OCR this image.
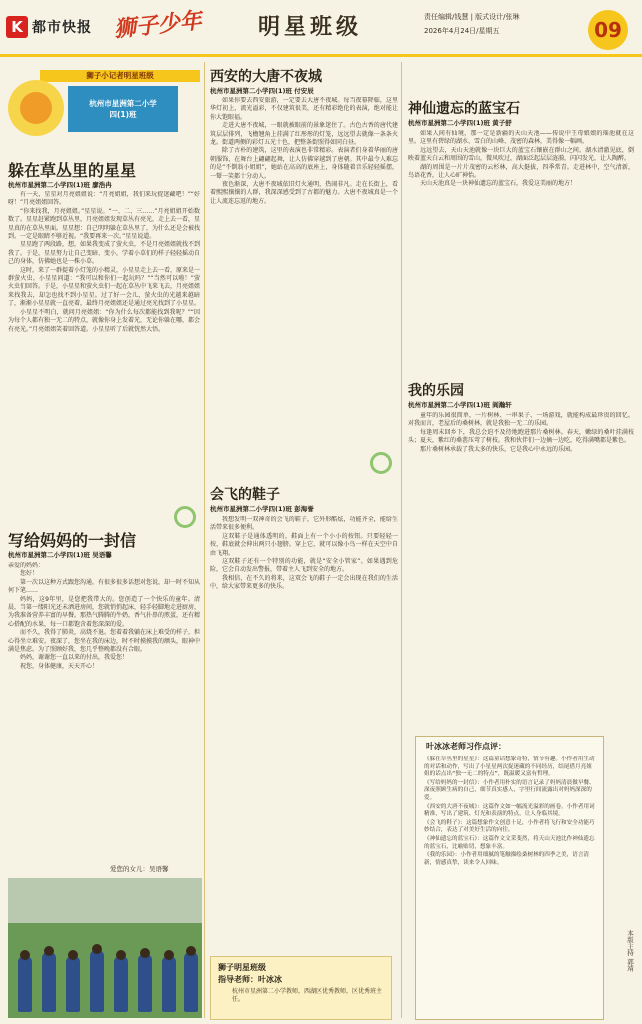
K 都市快报 狮子少年	明星班级	责任编辑/钱慧 | 版式设计/张琳
2026年4月24日/星期五	09
狮子小记者明星班级
杭州市星洲第二小学
四(1)班
躲在草丛里的星星
杭州市星洲第二小学四(1)班 廖浩冉

有一天，星星对月亮姐姐说：“月亮姐姐，我们来玩捉迷藏吧！”“好呀！”月亮姐姐回答。

“你来找我，月亮姐姐。”星星说。“一、二、三……”月亮姐姐开始数数了。星星赶紧跑到草丛里，月亮姐姐发现草丛有亮光，走上去一看，星星真的在草丛里面。星星想：自己明明躲在草丛里了，为什么还是会被找到。一定是眼睛不够近视。“我要再来一次。”星星说道。

星星跑了两段路，想，如果我变成了萤火虫，不是月亮姐姐就找不到我了。于是，星星努力让自己变暗、变小，学着小草们的样子轻轻摇动自己的身体，仿佛她也是一株小草。

这时，来了一群提着小灯笼的小精灵，小星星走上去一看，原来是一群萤火虫。小星星问道：“我可以和你们一起玩吗？”“当然可以啦！”萤火虫们回答。于是，小星星和萤火虫们一起在草丛中飞来飞去，月亮姐姐来找我去，却怎也找不到小星星。过了好一会儿，萤火虫的光越来越暗了，渐渐小星星就一直亮着，最终月亮姐姐还是通过亮光找到了小星星。

小星星不明白，就问月亮姐姐：“你为什么每次都能找到我呢？”“因为每个人都有独一无二的特点，就像你身上发着光，无论你躲在哪，都会有亮光。”月亮姐姐笑着回答道。小星星听了后就恍然大悟。

写给妈妈的一封信
杭州市星洲第二小学四(1)班 吴语馨

亲爱的妈妈：

您好！

第一次以这种方式跟您沟通，有很多很多话想对您说，却一时不知从何下笔……

妈妈，这9年里，是您把我带大的。您创造了一个快乐的童年。清晨，当第一缕阳光还未洒进房间，您就悄悄起床，轻手轻脚地走进厨房，为我准备营养丰富的早餐。那热气腾腾的牛奶，香气扑鼻的煎蛋，还有精心搭配的水果，每一口都饱含着您深深的爱。

而不久，我得了肺炎，高烧不退。您着着我躺在床上难受的样子，担心得坐立难安。夜深了，您坐在我的床边，时不时摸摸我的额头，眼神中满是焦虑。为了照顾好我，您几乎整晚都没有合眼。

妈妈，谢谢您一直以来的付出，我爱您！

祝您，身体健康，天天开心！

爱您的女儿：吴语馨
西安的大唐不夜城
杭州市星洲第二小学四(1)班 付安辰

如果你要去西安旅游，一定要去大唐不夜城。每当夜幕降临，这里华灯初上，流光溢彩，不仅建筑很美，还有精彩绝伦的表演，绝对能让你大饱眼福。

走进大唐不夜城，一眼就被眼前的景象迷住了。古色古香的唐代建筑层层排列，飞檐翘角上挂满了红彤彤的灯笼，远远望去就像一条条火龙。街道两侧的彩灯五光十色，把整条街照得如同白昼。

除了古朴的建筑，这里的表演也非常精彩。表演者们身着华丽的唐朝服饰，在舞台上翩翩起舞，让人仿佛穿越到了唐朝。其中最令人难忘的是“不倒翁小姐姐”，她站在高高的底座上，身体随着音乐轻轻摇摆，一颦一笑都十分动人。

夜色渐深，大唐不夜城依旧灯火通明，热闹非凡。走在长街上，看着熙熙攘攘的人群，我深深感受到了古都的魅力。大唐不夜城真是一个让人流连忘返的地方。

会飞的鞋子
杭州市星洲第二小学四(1)班 彭海誉

我想发明一双神奇的会飞的鞋子，它外形酷炫，功能齐全，能给生活带来很多便利。

这双鞋子是通体透明的，鞋面上有一个小小的按钮。只要轻轻一按，鞋底就会伸出两只小翅膀。穿上它，就可以像小鸟一样在天空中自由飞翔。

这双鞋子还有一个特别的功能，就是“安全小管家”。如果遇到危险，它会自动发出警报，带着主人飞到安全的地方。

我相信，在不久的将来，这双会飞的鞋子一定会出现在我们的生活中，给大家带来更多的快乐。

狮子明星班级
指导老师：叶冰冰
杭州市星洲第二小学教师，西湖区优秀教师，区优秀班主任。
神仙遗忘的蓝宝石
杭州市星洲第二小学四(1)班 黄子舒

如果人间有仙境，那一定是新疆的天山天池——传说中王母娘娘的瑶池就在这里。这里有碧绿的湖水、雪白的山峰、茂密的森林，美得像一幅画。

远远望去，天山天池就像一块巨大的蓝宝石镶嵌在群山之间。湖水清澈见底，倒映着蓝天白云和周围的雪山，微风吹过，湖面泛起层层涟漪，闪闪发光，让人陶醉。

湖的周围是一片片茂密的云杉林，高大挺拔，四季常青。走进林中，空气清新，鸟语花香，让人心旷神怡。

天山天池真是一块神仙遗忘的蓝宝石，我爱这美丽的地方！

我的乐园
杭州市星洲第二小学四(1)班 阎瀚轩

童年的乐园很简单，一片树林、一串果子、一场游戏，就能构成最珍贵的回忆。对我而言，老屋后的桑树林，就是我独一无二的乐园。

每逢周末回乡下，我总会迫不及待地跑进那片桑树林。春天，嫩绿的桑叶挂满枝头；夏天，紫红的桑葚压弯了树枝。我和伙伴们一边摘一边吃，吃得满嘴都是紫色。

那片桑树林承载了我太多的快乐，它是我心中永远的乐园。

叶冰冰老师习作点评：

《躲在草丛里的星星》：这篇童话想象奇特，情节有趣。小作者用生动的对话和动作，写出了小星星两次捉迷藏的不同经历，结尾借月亮姐姐的话点出“独一无二的特点”，既温暖又富有哲理。

《写给妈妈的一封信》：小作者用朴实的语言记录了妈妈清晨做早餐、深夜照顾生病的自己，细节真实感人，字里行间流露出对妈妈深深的爱。

《西安的大唐不夜城》：这篇作文如一幅流光溢彩的画卷。小作者用词精准，写出了建筑、灯光和表演的特点，让人身临其境。

《会飞的鞋子》：这篇想象作文创意十足，小作者将飞行和安全功能巧妙结合，表达了对美好生活的向往。

《神仙遗忘的蓝宝石》：这篇作文文采斐然，将天山天池比作神仙遗忘的蓝宝石，比喻贴切，想象丰富。

《我的乐园》：小作者用细腻的笔触描绘桑树林的四季之美，语言清新，情感真挚，读来令人回味。

本版主持 郭靖
